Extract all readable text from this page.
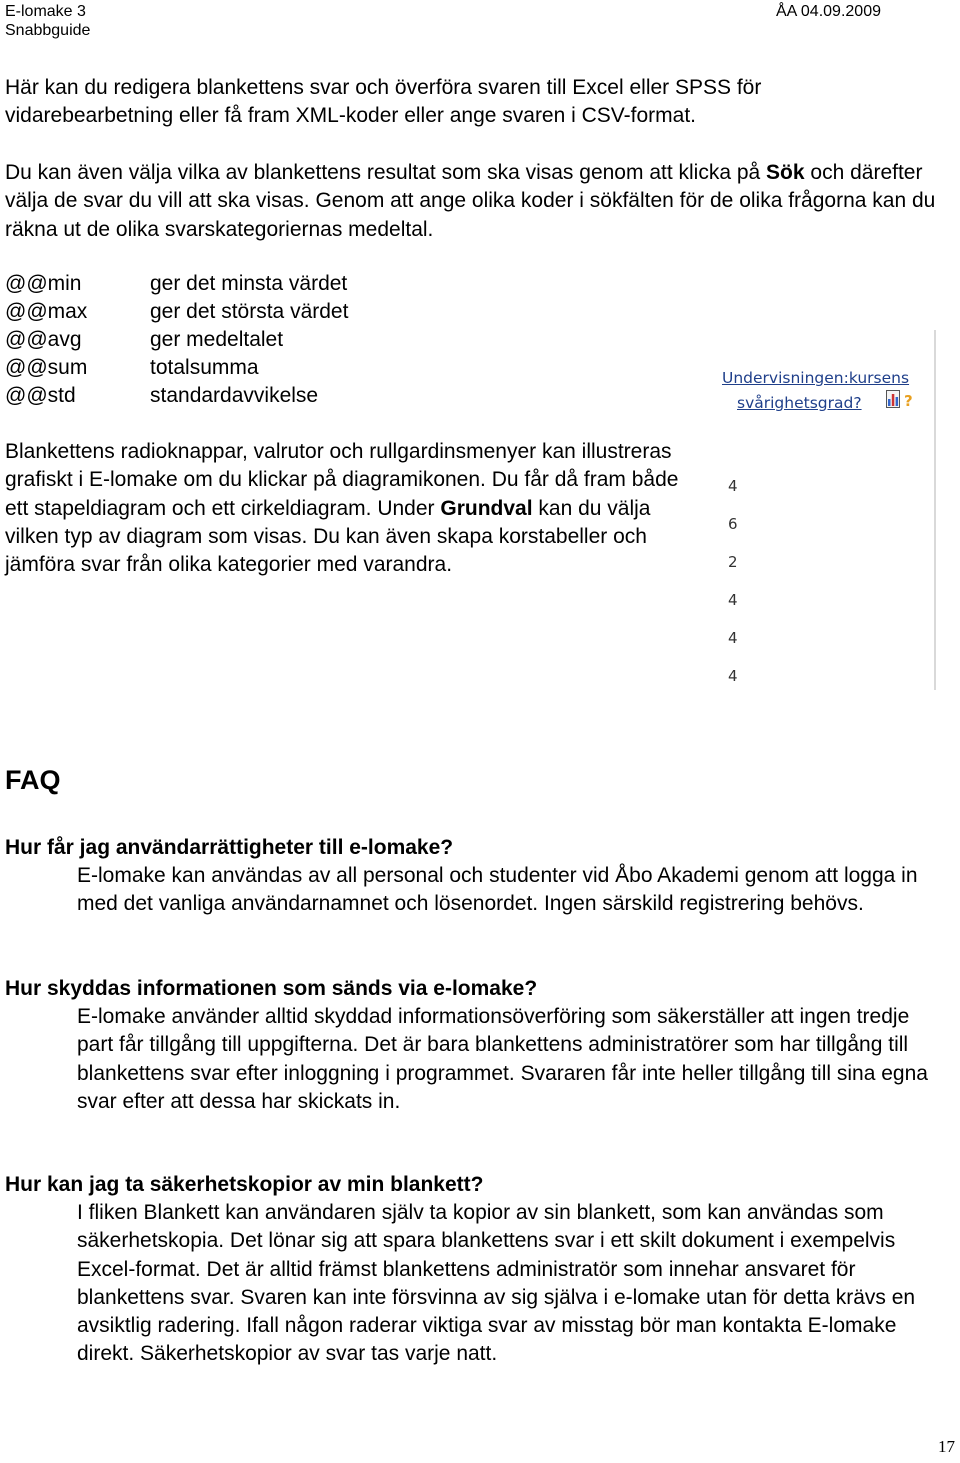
E-lomake 3
Snabbguide
ÅA 04.09.2009

Här kan du redigera blankettens svar och överföra svaren till Excel eller SPSS för vidarebearbetning eller få fram XML-koder eller ange svaren i CSV-format.

Du kan även välja vilka av blankettens resultat som ska visas genom att klicka på Sök och därefter välja de svar du vill att ska visas. Genom att ange olika koder i sökfälten för de olika frågorna kan du räkna ut de olika svarskategoriernas medeltal.

@@min	ger det minsta värdet
@@max	ger det största värdet
@@avg	ger medeltalet
@@sum	totalsumma
@@std	standardavvikelse
Undervisningen:kursens
svårighetsgrad?	?
4
6
2
4
4
4

Blankettens radioknappar, valrutor och rullgardinsmenyer kan illustreras grafiskt i E-lomake om du klickar på diagramikonen. Du får då fram både ett stapeldiagram och ett cirkeldiagram. Under Grundval kan du välja vilken typ av diagram som visas. Du kan även skapa korstabeller och jämföra svar från olika kategorier med varandra.

FAQ

Hur får jag användarrättigheter till e-lomake?

E-lomake kan användas av all personal och studenter vid Åbo Akademi genom att logga in med det vanliga användarnamnet och lösenordet. Ingen särskild registrering behövs.

Hur skyddas informationen som sänds via e-lomake?

E-lomake använder alltid skyddad informationsöverföring som säkerställer att ingen tredje part får tillgång till uppgifterna. Det är bara blankettens administratörer som har tillgång till blankettens svar efter inloggning i programmet. Svararen får inte heller tillgång till sina egna svar efter att dessa har skickats in.

Hur kan jag ta säkerhetskopior av min blankett?

I fliken Blankett kan användaren själv ta kopior av sin blankett, som kan användas som säkerhetskopia. Det lönar sig att spara blankettens svar i ett skilt dokument i exempelvis Excel-format. Det är alltid främst blankettens administratör som innehar ansvaret för blankettens svar. Svaren kan inte försvinna av sig själva i e-lomake utan för detta krävs en avsiktlig radering. Ifall någon raderar viktiga svar av misstag bör man kontakta E-lomake direkt. Säkerhetskopior av svar tas varje natt.

17
